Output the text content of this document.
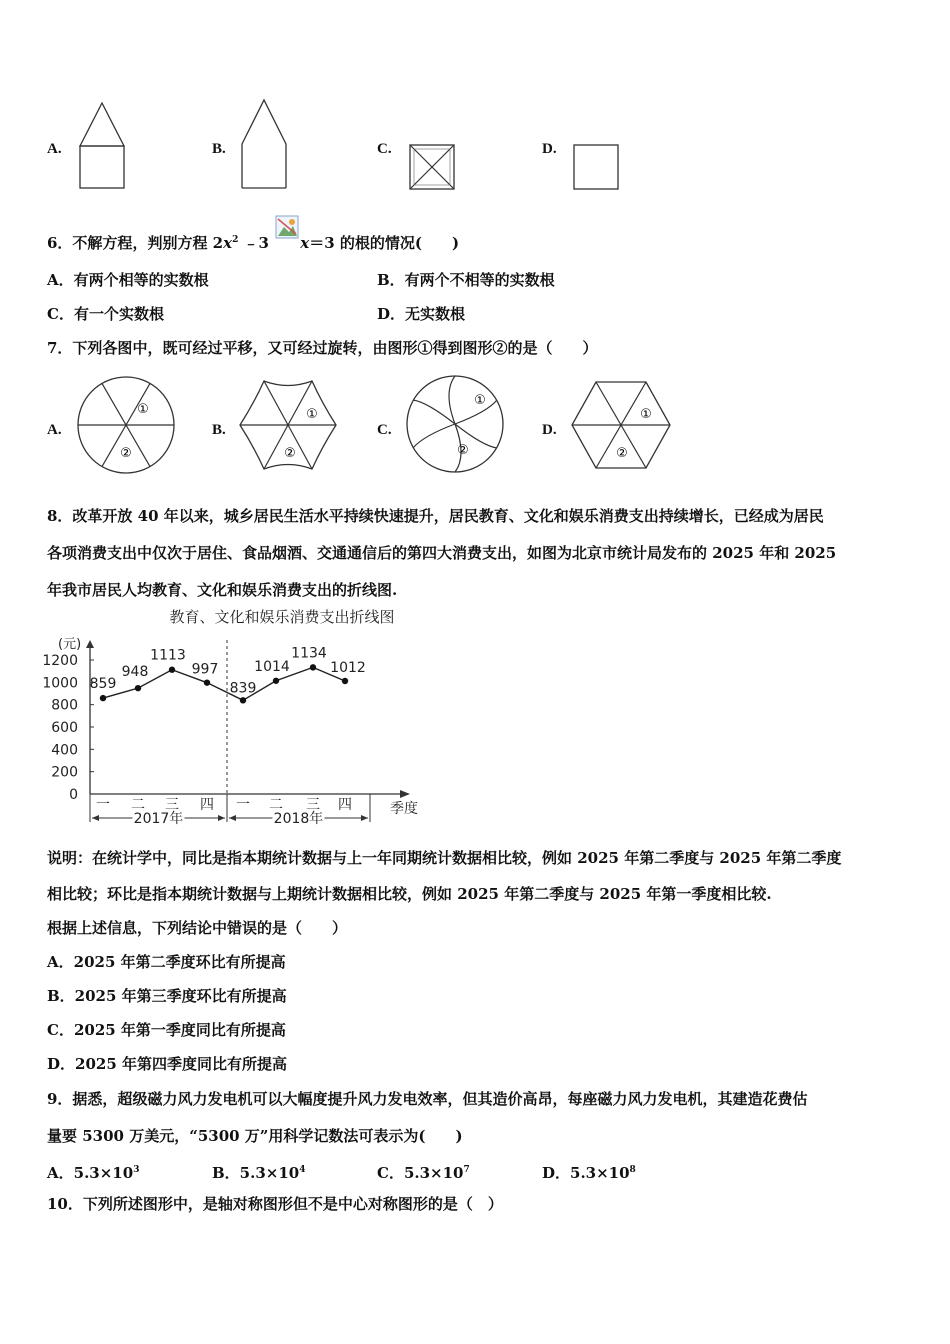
A.	B.	C.	D.
6．不解方程，判别方程 $2x^2$ ﹣3 x＝3 的根的情况(　　)
A．有两个相等的实数根	B．有两个不相等的实数根
C．有一个实数根	D．无实数根
7．下列各图中，既可经过平移，又可经过旋转，由图形①得到图形②的是（　　）
A.	B.	C.	D.
①
②
①
②
①
②
①
②
8．改革开放 40 年以来，城乡居民生活水平持续快速提升，居民教育、文化和娱乐消费支出持续增长，已经成为居民
各项消费支出中仅次于居住、食品烟酒、交通通信后的第四大消费支出，如图为北京市统计局发布的 2025 年和 2025
年我市居民人均教育、文化和娱乐消费支出的折线图.
教育、文化和娱乐消费支出折线图
(元)
季度
0
200
400
600
800
1000
1200
一 二 三 四 一 二 三 四
2017年	2018年
859
948
1113
997
839
1014
1134
1012
说明：在统计学中，同比是指本期统计数据与上一年同期统计数据相比较，例如 2025 年第二季度与 2025 年第二季度
相比较；环比是指本期统计数据与上期统计数据相比较，例如 2025 年第二季度与 2025 年第一季度相比较.
根据上述信息，下列结论中错误的是（　　）
A．2025 年第二季度环比有所提高
B．2025 年第三季度环比有所提高
C．2025 年第一季度同比有所提高
D．2025 年第四季度同比有所提高
9．据悉，超级磁力风力发电机可以大幅度提升风力发电效率，但其造价高昂，每座磁力风力发电机，其建造花费估
量要 5300 万美元，“5300 万”用科学记数法可表示为(　　)
A．$5.3\times 10^3$	B．$5.3\times 10^4$	C．$5.3\times 10^7$	D．$5.3\times 10^8$
10．下列所述图形中，是轴对称图形但不是中心对称图形的是（　）
